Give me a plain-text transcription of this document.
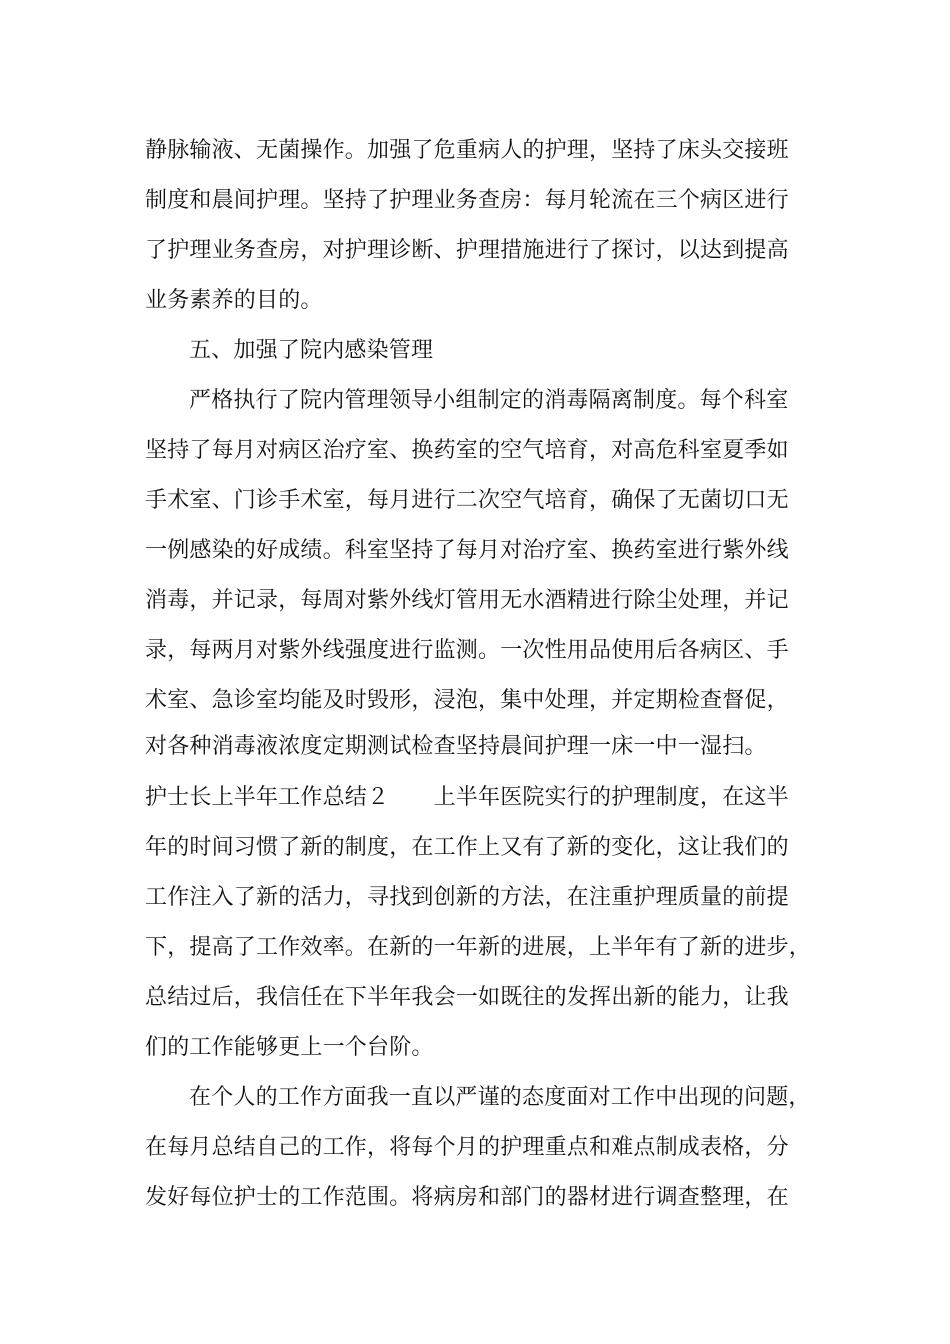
静脉输液、无菌操作。加强了危重病人的护理，坚持了床头交接班
制度和晨间护理。坚持了护理业务查房：每月轮流在三个病区进行
了护理业务查房，对护理诊断、护理措施进行了探讨，以达到提高
业务素养的目的。
五、加强了院内感染管理
严格执行了院内管理领导小组制定的消毒隔离制度。每个科室
坚持了每月对病区治疗室、换药室的空气培育，对高危科室夏季如
手术室、门诊手术室，每月进行二次空气培育，确保了无菌切口无
一例感染的好成绩。科室坚持了每月对治疗室、换药室进行紫外线
消毒，并记录，每周对紫外线灯管用无水酒精进行除尘处理，并记
录，每两月对紫外线强度进行监测。一次性用品使用后各病区、手
术室、急诊室均能及时毁形，浸泡，集中处理，并定期检查督促，
对各种消毒液浓度定期测试检查坚持晨间护理一床一中一湿扫。
护士长上半年工作总结２　　上半年医院实行的护理制度，在这半
年的时间习惯了新的制度，在工作上又有了新的变化，这让我们的
工作注入了新的活力，寻找到创新的方法，在注重护理质量的前提
下，提高了工作效率。在新的一年新的进展，上半年有了新的进步，
总结过后，我信任在下半年我会一如既往的发挥出新的能力，让我
们的工作能够更上一个台阶。
在个人的工作方面我一直以严谨的态度面对工作中出现的问题，
在每月总结自己的工作，将每个月的护理重点和难点制成表格，分
发好每位护士的工作范围。将病房和部门的器材进行调查整理，在
